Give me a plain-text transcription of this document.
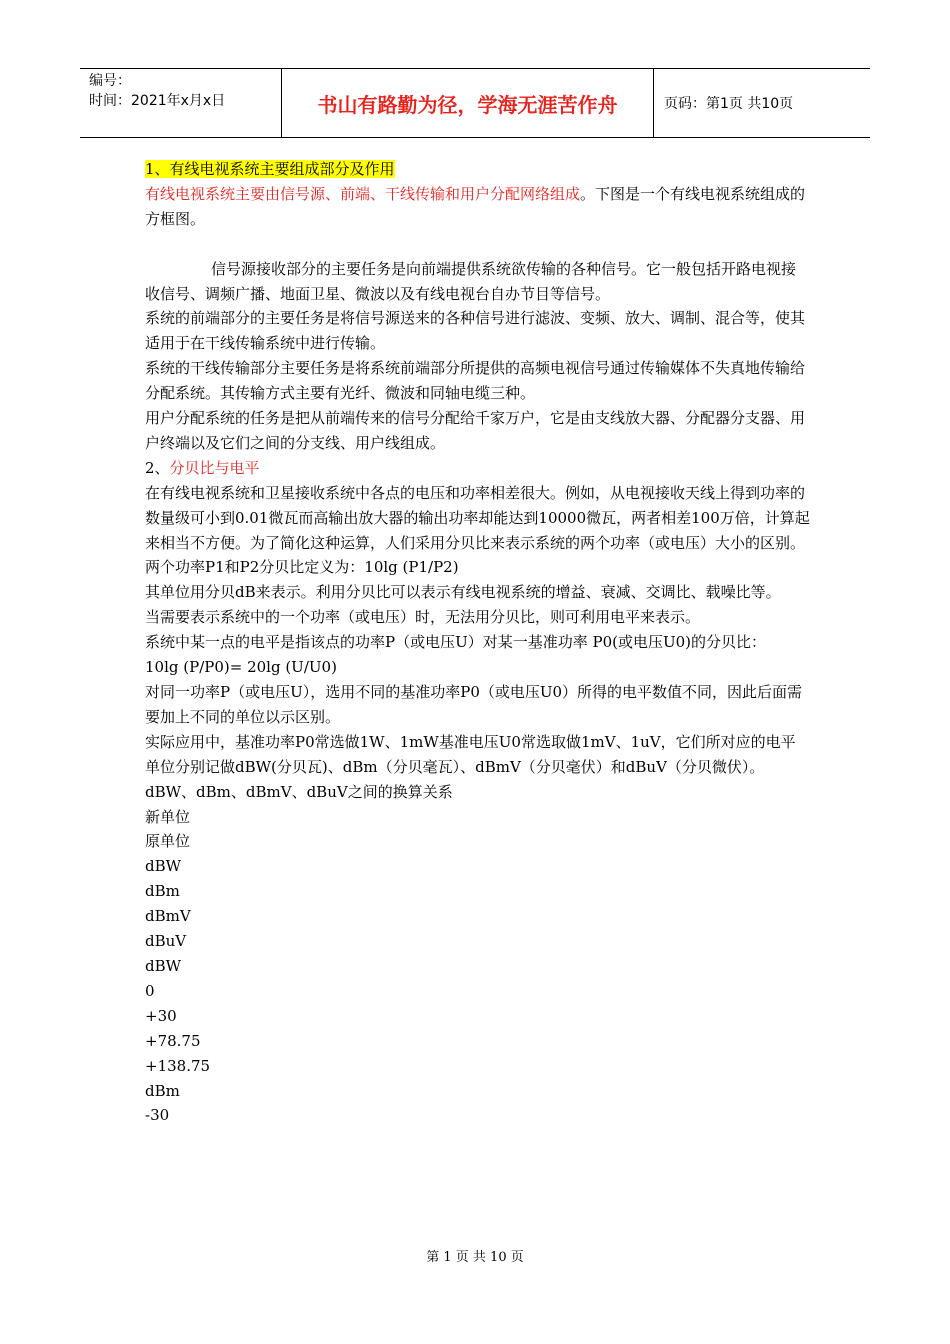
编号：
时间：2021年x月x日	书山有路勤为径，学海无涯苦作舟	页码：第1页 共10页

1、有线电视系统主要组成部分及作用

有线电视系统主要由信号源、前端、干线传输和用户分配网络组成。下图是一个有线电视系统组成的方框图。

信号源接收部分的主要任务是向前端提供系统欲传输的各种信号。它一般包括开路电视接收信号、调频广播、地面卫星、微波以及有线电视台自办节目等信号。

系统的前端部分的主要任务是将信号源送来的各种信号进行滤波、变频、放大、调制、混合等，使其适用于在干线传输系统中进行传输。

系统的干线传输部分主要任务是将系统前端部分所提供的高频电视信号通过传输媒体不失真地传输给分配系统。其传输方式主要有光纤、微波和同轴电缆三种。

用户分配系统的任务是把从前端传来的信号分配给千家万户，它是由支线放大器、分配器分支器、用户终端以及它们之间的分支线、用户线组成。

2、分贝比与电平

在有线电视系统和卫星接收系统中各点的电压和功率相差很大。例如，从电视接收天线上得到功率的数量级可小到0.01微瓦而高输出放大器的输出功率却能达到10000微瓦，两者相差100万倍，计算起来相当不方便。为了简化这种运算，人们采用分贝比来表示系统的两个功率（或电压）大小的区别。

两个功率P1和P2分贝比定义为：10lg (P1/P2)

其单位用分贝dB来表示。利用分贝比可以表示有线电视系统的增益、衰减、交调比、载噪比等。

当需要表示系统中的一个功率（或电压）时，无法用分贝比，则可利用电平来表示。

系统中某一点的电平是指该点的功率P（或电压U）对某一基准功率 P0(或电压U0)的分贝比：

10lg (P/P0)= 20lg (U/U0)

对同一功率P（或电压U），选用不同的基准功率P0（或电压U0）所得的电平数值不同，因此后面需要加上不同的单位以示区别。

实际应用中，基准功率P0常选做1W、1mW基准电压U0常选取做1mV、1uV，它们所对应的电平单位分别记做dBW(分贝瓦)、dBm（分贝毫瓦）、dBmV（分贝毫伏）和dBuV（分贝微伏）。

dBW、dBm、dBmV、dBuV之间的换算关系

新单位

原单位

dBW

dBm

dBmV

dBuV

dBW

0

+30

+78.75

+138.75

dBm

-30

第 1 页 共 10 页
